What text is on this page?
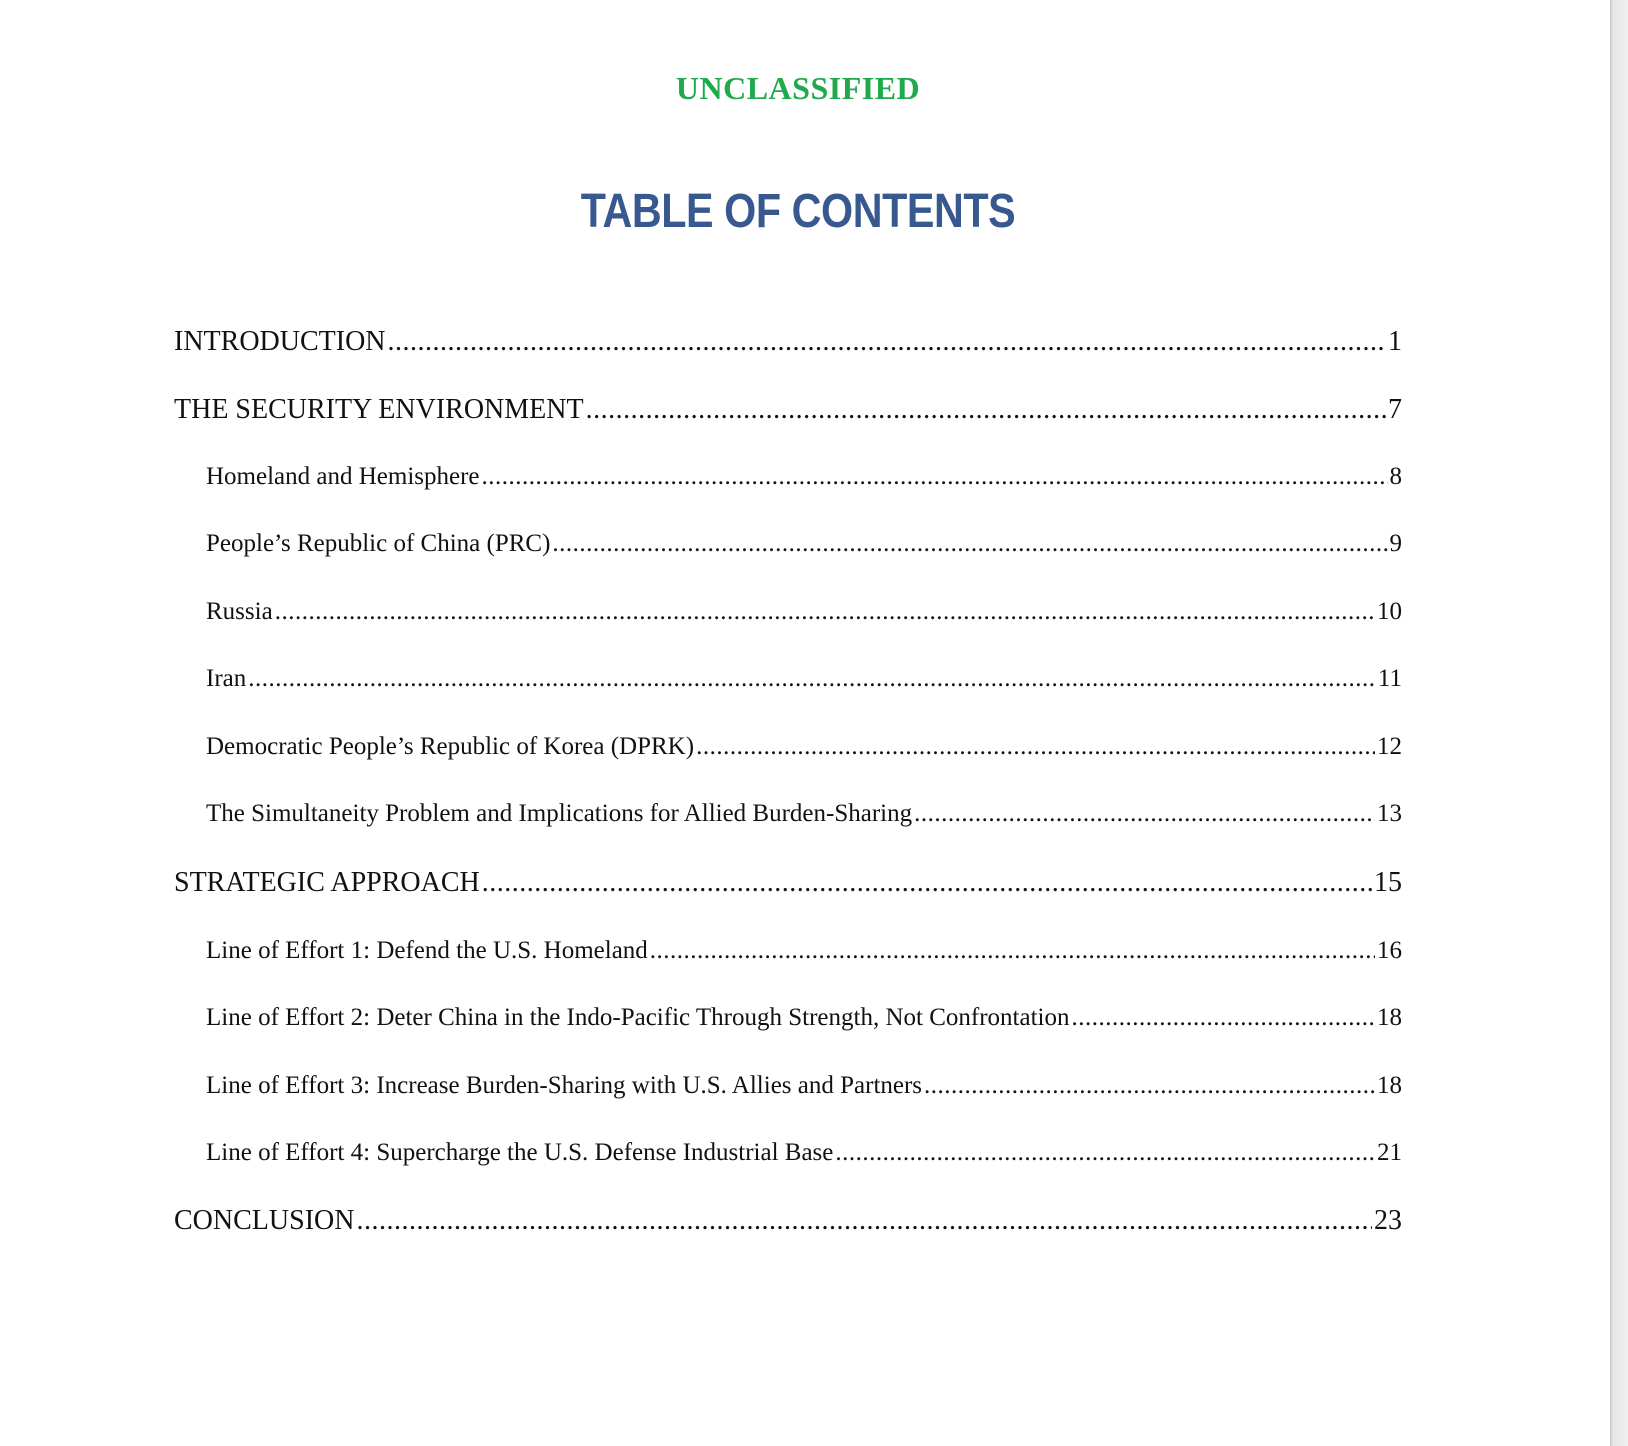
UNCLASSIFIED
TABLE OF CONTENTS
INTRODUCTION .....	1
THE SECURITY ENVIRONMENT .....	7
Homeland and Hemisphere .....	8
People’s Republic of China (PRC) .....	9
Russia .....	10
Iran .....	11
Democratic People’s Republic of Korea (DPRK) .....	12
The Simultaneity Problem and Implications for Allied Burden-Sharing .....	13
STRATEGIC APPROACH .....	15
Line of Effort 1: Defend the U.S. Homeland .....	16
Line of Effort 2: Deter China in the Indo-Pacific Through Strength, Not Confrontation .....	18
Line of Effort 3: Increase Burden-Sharing with U.S. Allies and Partners .....	18
Line of Effort 4: Supercharge the U.S. Defense Industrial Base .....	21
CONCLUSION .....	23
